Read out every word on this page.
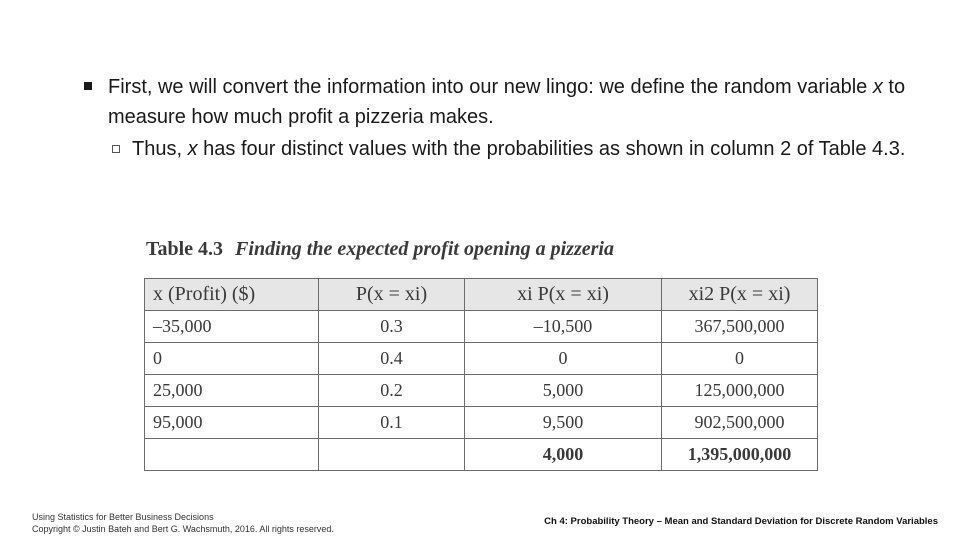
First, we will convert the information into our new lingo: we define the random variable x to measure how much profit a pizzeria makes.
Thus, x has four distinct values with the probabilities as shown in column 2 of Table 4.3.
Table 4.3 Finding the expected profit opening a pizzeria
x (Profit) ($)	P(x = xi)	xi P(x = xi)	xi2 P(x = xi)
–35,000	0.3	–10,500	367,500,000
0	0.4	0	0
25,000	0.2	5,000	125,000,000
95,000	0.1	9,500	902,500,000
		4,000	1,395,000,000
Using Statistics for Better Business Decisions
Copyright © Justin Bateh and Bert G. Wachsmuth, 2016. All rights reserved.
Ch 4: Probability Theory – Mean and Standard Deviation for Discrete Random Variables
